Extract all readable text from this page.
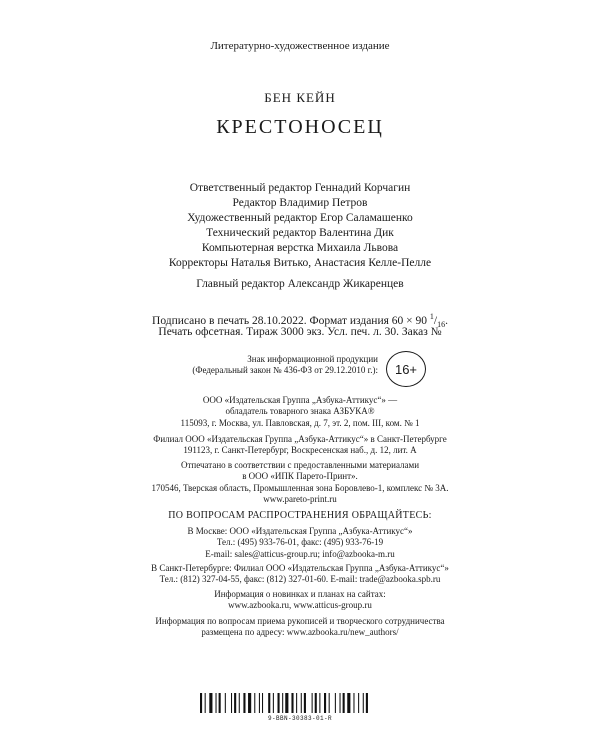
Литературно-художественное издание
БЕН КЕЙН
КРЕСТОНОСЕЦ
Ответственный редактор Геннадий Корчагин
Редактор Владимир Петров
Художественный редактор Егор Саламашенко
Технический редактор Валентина Дик
Компьютерная верстка Михаила Львова
Корректоры Наталья Витько, Анастасия Келле-Пелле
Главный редактор Александр Жикаренцев
Подписано в печать 28.10.2022. Формат издания 60 × 90 $^1/_{16}$.
Печать офсетная. Тираж 3000 экз. Усл. печ. л. 30. Заказ №
Знак информационной продукции
(Федеральный закон № 436-ФЗ от 29.12.2010 г.):	16+
ООО «Издательская Группа „Азбука-Аттикус“» —
обладатель товарного знака АЗБУКА®
115093, г. Москва, ул. Павловская, д. 7, эт. 2, пом. III, ком. № 1
Филиал ООО «Издательская Группа „Азбука-Аттикус“» в Санкт-Петербурге
191123, г. Санкт-Петербург, Воскресенская наб., д. 12, лит. А
Отпечатано в соответствии с предоставленными материалами
в ООО «ИПК Парето-Принт».
170546, Тверская область, Промышленная зона Боровлево-1, комплекс № 3А.
www.pareto-print.ru
ПО ВОПРОСАМ РАСПРОСТРАНЕНИЯ ОБРАЩАЙТЕСЬ:
В Москве: ООО «Издательская Группа „Азбука-Аттикус“»
Тел.: (495) 933-76-01, факс: (495) 933-76-19
E-mail: sales@atticus-group.ru; info@azbooka-m.ru
В Санкт-Петербурге: Филиал ООО «Издательская Группа „Азбука-Аттикус“»
Тел.: (812) 327-04-55, факс: (812) 327-01-60. E-mail: trade@azbooka.spb.ru
Информация о новинках и планах на сайтах:
www.azbooka.ru, www.atticus-group.ru
Информация по вопросам приема рукописей и творческого сотрудничества
размещена по адресу: www.azbooka.ru/new_authors/
9-BBN-30383-01-R
